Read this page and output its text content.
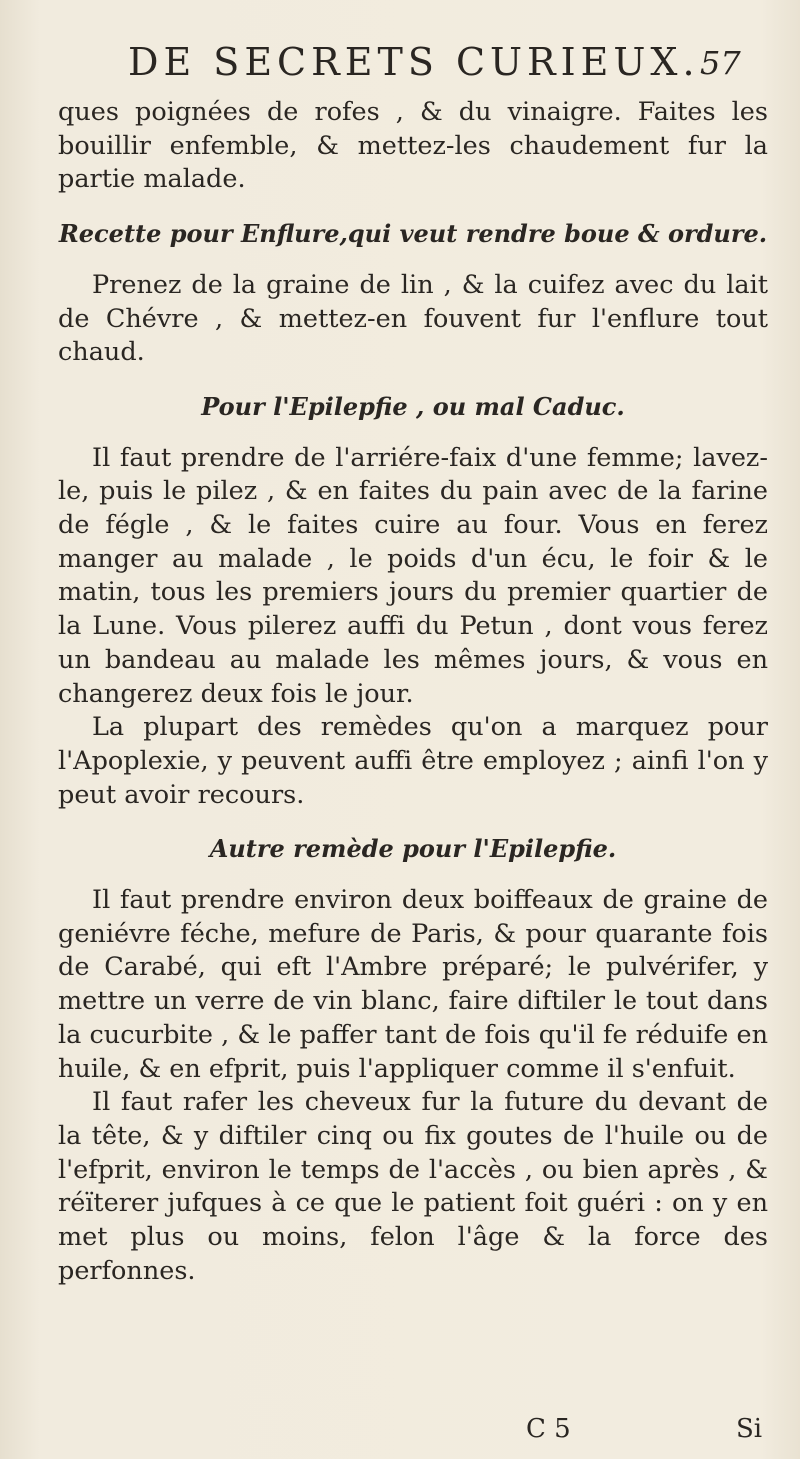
DE SECRETS CURIEUX. 57

ques poignées de rofes , & du vinaigre. Faites les bouillir enfemble, & mettez-les chaudement fur la partie malade.

Recette pour Enflure,qui veut rendre boue & ordure.

Prenez de la graine de lin , & la cuifez avec du lait de Chévre , & mettez-en fouvent fur l'enflure tout chaud.

Pour l'Epilepfie , ou mal Caduc.

Il faut prendre de l'arriére-faix d'une femme; lavez-le, puis le pilez , & en faites du pain avec de la farine de fégle , & le faites cuire au four. Vous en ferez manger au malade , le poids d'un écu, le foir & le matin, tous les premiers jours du premier quartier de la Lune. Vous pilerez auffi du Petun , dont vous ferez un bandeau au malade les mêmes jours, & vous en changerez deux fois le jour.

La plupart des remèdes qu'on a marquez pour l'Apoplexie, y peuvent auffi être employez ; ainfi l'on y peut avoir recours.

Autre remède pour l'Epilepfie.

Il faut prendre environ deux boiffeaux de graine de geniévre féche, mefure de Paris, & pour quarante fois de Carabé, qui eft l'Ambre préparé; le pulvérifer, y mettre un verre de vin blanc, faire diftiler le tout dans la cucurbite , & le paffer tant de fois qu'il fe réduife en huile, & en efprit, puis l'appliquer comme il s'enfuit.

Il faut rafer les cheveux fur la future du devant de la tête, & y diftiler cinq ou fix goutes de l'huile ou de l'efprit, environ le temps de l'accès , ou bien après , & réïterer jufques à ce que le patient foit guéri : on y en met plus ou moins, felon l'âge & la force des perfonnes.

C 5	Si
